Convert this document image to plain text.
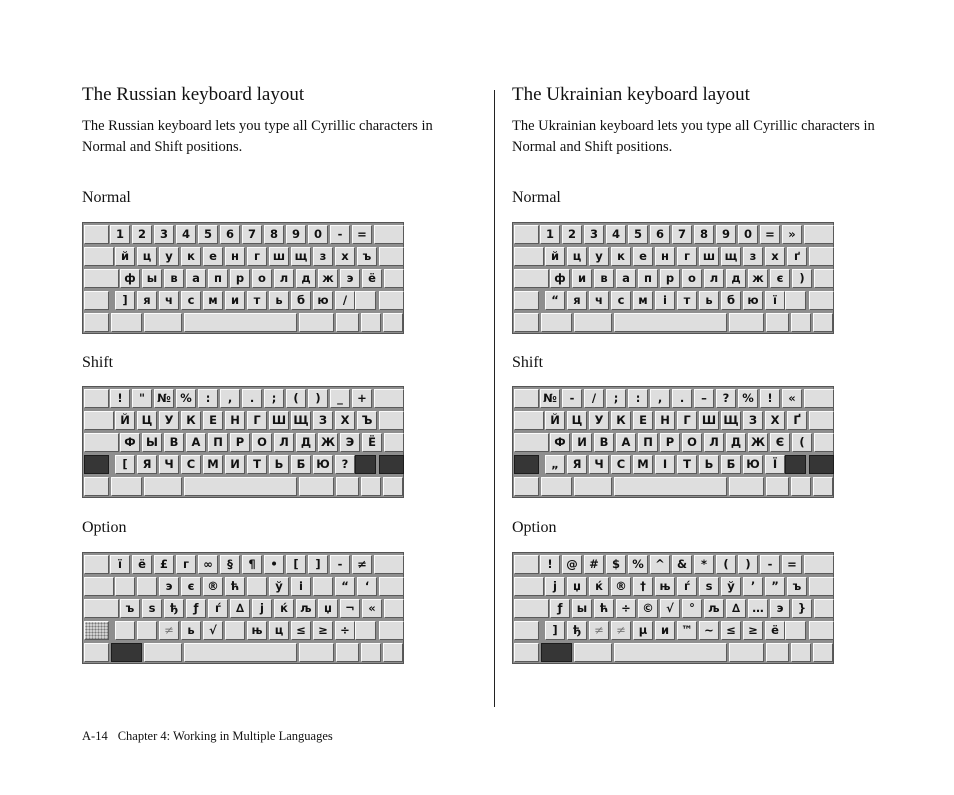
The Russian keyboard layout
The Russian keyboard lets you type all Cyrillic characters in Normal and Shift positions.
Normal
1	2	3	4	5	6	7	8	9	0	-	=
й	ц	у	к	е	н	г	ш щ	з	х	ъ
ф ы	в	а	п	р	о	л	д	ж	э	ё
]	я	ч	с	м	и	т	ь	б	ю	/
Shift
!	"	№ %	:	,	.	;	(	)	_	+
Й	Ц	У	К	Е	Н	Г Ш Щ З	Х	Ъ
Ф Ы	В	А	П	Р	О	Л	Д Ж Э	Ё
[	Я	Ч	С	М И	Т	Ь	Б Ю	?
Option
ї	ё	£	г	∞	§	¶	•	[	]	-	≠
э	є	®	ћ	ў	і	“	‘
ъ	s	ђ	ƒ	ѓ	∆	j	ќ	љ	џ	¬	«
≠	ь	√	њ	ц	≤	≥	÷
The Ukrainian keyboard layout
The Ukrainian keyboard lets you type all Cyrillic characters in Normal and Shift positions.
Normal
1	2	3	4	5	6	7	8	9	0	=	»
й	ц	у	к	е	н	г	ш щ	з	х	ґ
ф	и	в	а	п	р	о	л	д	ж	є	)
“	я	ч	с	м	і	т	ь	б	ю	ї
Shift
№	-	/	;	:	,	.	–	?	%	!	«
Й	Ц	У	К	Е	Н	Г Ш Щ З	Х	Ґ
Ф И	В	А	П	Р	О	Л	Д Ж Є	(
„	Я	Ч	С	М	І	Т	Ь	Б Ю	Ї
Option
!	@ #	$	% ^	&	*	(	)	-	=
j	џ	ќ	®	†	њ	ѓ	s	ў	’	”	ъ
ƒ	ы	ћ	÷ ©	√	°	љ	∆	…	э	}
]	ђ	≠	≠	µ	и	™ ~	≤	≥	ё
A-14 Chapter 4: Working in Multiple Languages
